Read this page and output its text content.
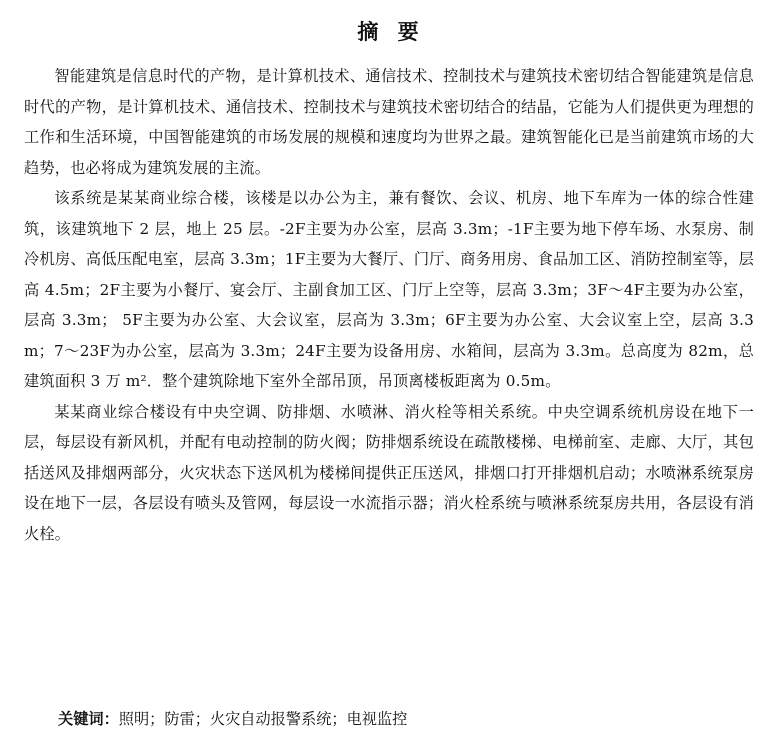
摘 要

智能建筑是信息时代的产物，是计算机技术、通信技术、控制技术与建筑技术密切结合智能建筑是信息时代的产物，是计算机技术、通信技术、控制技术与建筑技术密切结合的结晶，它能为人们提供更为理想的工作和生活环境，中国智能建筑的市场发展的规模和速度均为世界之最。建筑智能化已是当前建筑市场的大趋势，也必将成为建筑发展的主流。

该系统是某某商业综合楼，该楼是以办公为主，兼有餐饮、会议、机房、地下车库为一体的综合性建筑，该建筑地下 2 层，地上 25 层。-2F主要为办公室，层高 3.3m；-1F主要为地下停车场、水泵房、制冷机房、高低压配电室，层高 3.3m；1F主要为大餐厅、门厅、商务用房、食品加工区、消防控制室等，层高 4.5m；2F主要为小餐厅、宴会厅、主副食加工区、门厅上空等，层高 3.3m；3F～4F主要为办公室，层高 3.3m； 5F主要为办公室、大会议室，层高为 3.3m；6F主要为办公室、大会议室上空，层高 3.3m；7～23F为办公室，层高为 3.3m；24F主要为设备用房、水箱间，层高为 3.3m。总高度为 82m，总建筑面积 3 万 m²．整个建筑除地下室外全部吊顶，吊顶离楼板距离为 0.5m。

某某商业综合楼设有中央空调、防排烟、水喷淋、消火栓等相关系统。中央空调系统机房设在地下一层，每层设有新风机，并配有电动控制的防火阀；防排烟系统设在疏散楼梯、电梯前室、走廊、大厅，其包括送风及排烟两部分，火灾状态下送风机为楼梯间提供正压送风，排烟口打开排烟机启动；水喷淋系统泵房设在地下一层，各层设有喷头及管网，每层设一水流指示器；消火栓系统与喷淋系统泵房共用，各层设有消火栓。

关键词：照明；防雷；火灾自动报警系统；电视监控
